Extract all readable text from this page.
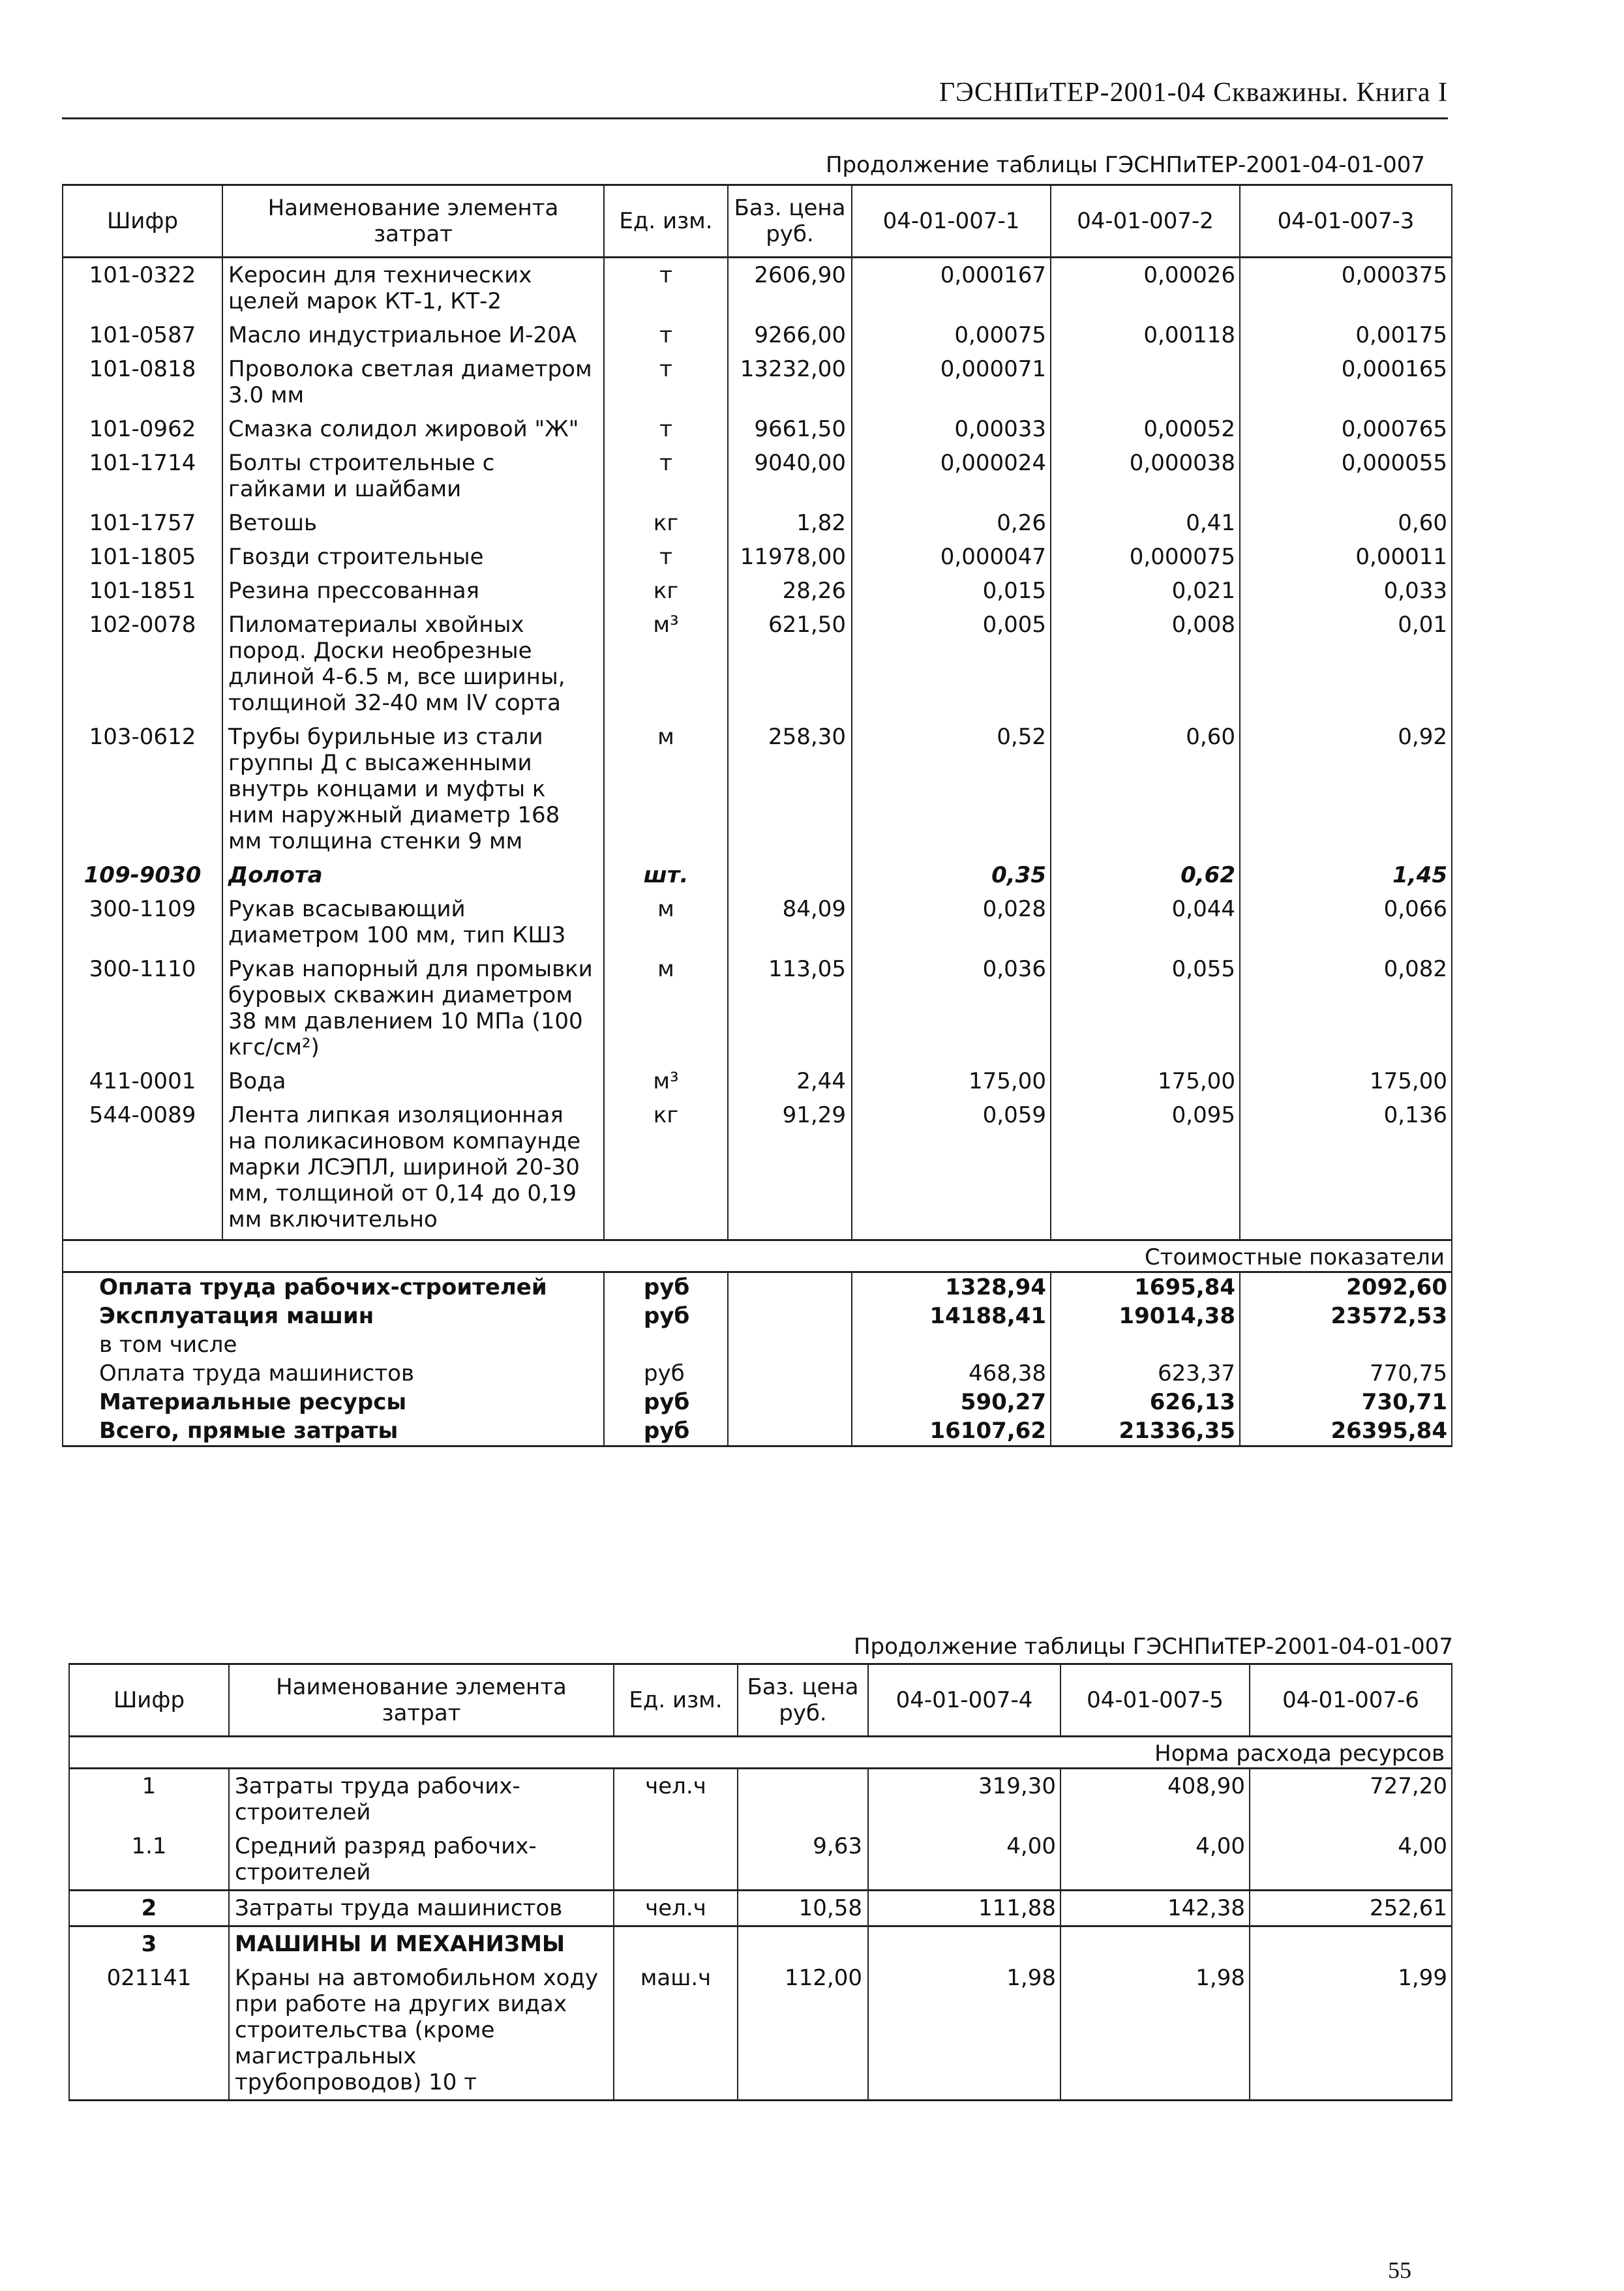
ГЭСНПиТЕР-2001-04 Скважины. Книга I
Продолжение таблицы ГЭСНПиТЕР-2001-04-01-007
Шифр	Наименование элемента затрат	Ед. изм.	Баз. цена руб.	04-01-007-1	04-01-007-2	04-01-007-3
101-0322	Керосин для технических целей марок КТ-1, КТ-2	т	2606,90	0,000167	0,00026	0,000375
101-0587	Масло индустриальное И-20А	т	9266,00	0,00075	0,00118	0,00175
101-0818	Проволока светлая диаметром 3.0 мм	т	13232,00	0,000071		0,000165
101-0962	Смазка солидол жировой "Ж"	т	9661,50	0,00033	0,00052	0,000765
101-1714	Болты строительные с гайками и шайбами	т	9040,00	0,000024	0,000038	0,000055
101-1757	Ветошь	кг	1,82	0,26	0,41	0,60
101-1805	Гвозди строительные	т	11978,00	0,000047	0,000075	0,00011
101-1851	Резина прессованная	кг	28,26	0,015	0,021	0,033
102-0078	Пиломатериалы хвойных пород. Доски необрезные длиной 4-6.5 м, все ширины, толщиной 32-40 мм IV сорта	м³	621,50	0,005	0,008	0,01
103-0612	Трубы бурильные из стали группы Д с высаженными внутрь концами и муфты к ним наружный диаметр 168 мм толщина стенки 9 мм	м	258,30	0,52	0,60	0,92
109-9030	Долота	шт.		0,35	0,62	1,45
300-1109	Рукав всасывающий диаметром 100 мм, тип КШ3	м	84,09	0,028	0,044	0,066
300-1110	Рукав напорный для промывки буровых скважин диаметром 38 мм давлением 10 МПа (100 кгс/см²)	м	113,05	0,036	0,055	0,082
411-0001	Вода	м³	2,44	175,00	175,00	175,00
544-0089	Лента липкая изоляционная на поликасиновом компаунде марки ЛСЭПЛ, шириной 20-30 мм, толщиной от 0,14 до 0,19 мм включительно	кг	91,29	0,059	0,095	0,136
Стоимостные показатели						
Оплата труда рабочих-строителей		руб		1328,94	1695,84	2092,60
Эксплуатация машин		руб		14188,41	19014,38	23572,53
в том числе						
Оплата труда машинистов		руб		468,38	623,37	770,75
Материальные ресурсы		руб		590,27	626,13	730,71
Всего, прямые затраты		руб		16107,62	21336,35	26395,84
Продолжение таблицы ГЭСНПиТЕР-2001-04-01-007
Шифр	Наименование элемента затрат	Ед. изм.	Баз. цена руб.	04-01-007-4	04-01-007-5	04-01-007-6
Норма расхода ресурсов						
1	Затраты труда рабочих-строителей	чел.ч		319,30	408,90	727,20
1.1	Средний разряд рабочих-строителей		9,63	4,00	4,00	4,00
2	Затраты труда машинистов	чел.ч	10,58	111,88	142,38	252,61
3	МАШИНЫ И МЕХАНИЗМЫ					
021141	Краны на автомобильном ходу при работе на других видах строительства (кроме магистральных трубопроводов) 10 т	маш.ч	112,00	1,98	1,98	1,99
55
